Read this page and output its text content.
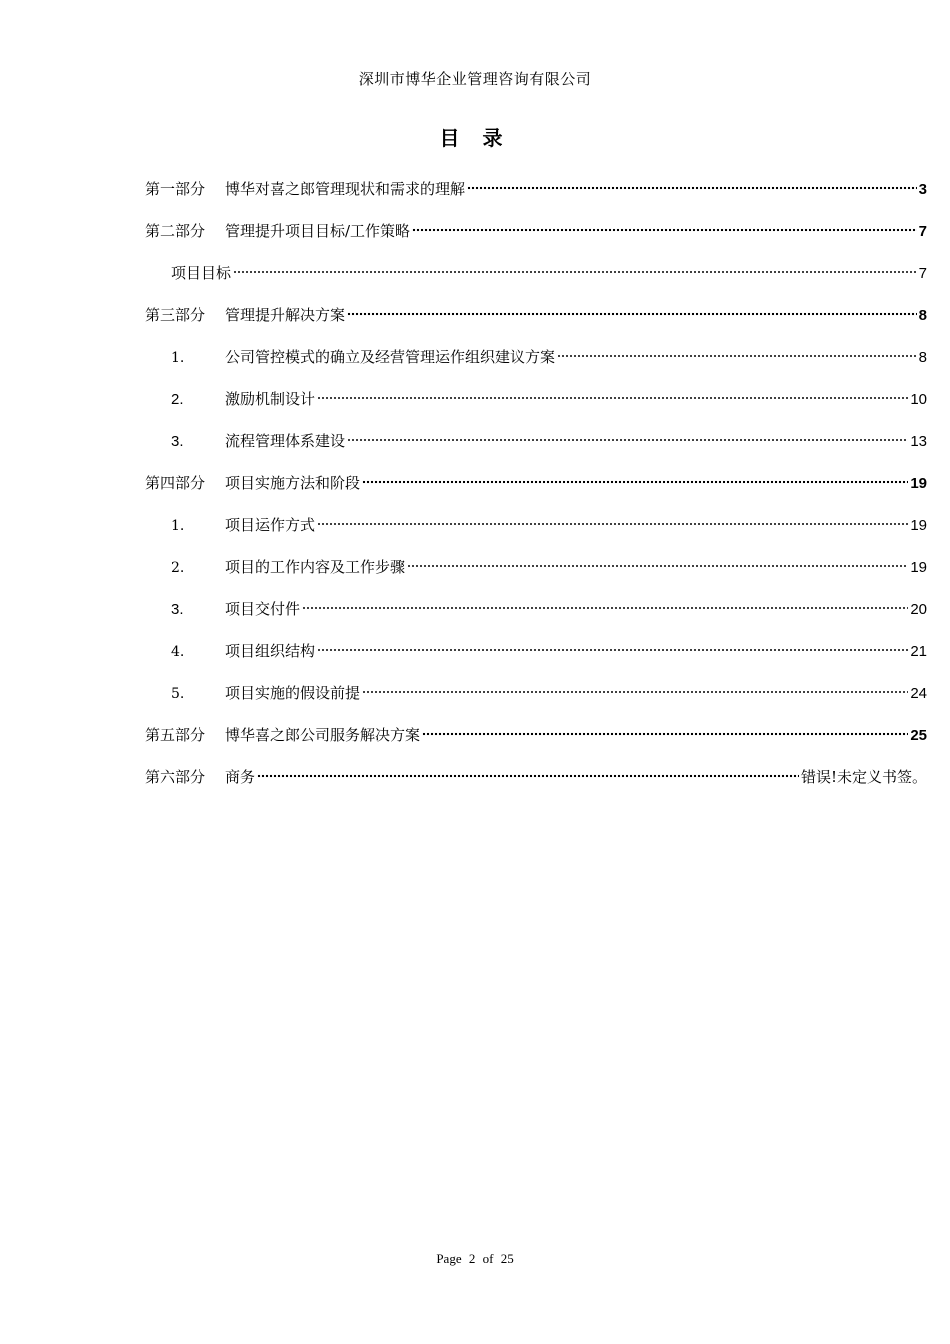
深圳市博华企业管理咨询有限公司
目 录
第一部分	博华对喜之郎管理现状和需求的理解	3
第二部分	管理提升项目目标/工作策略	7
项目目标	7
第三部分	管理提升解决方案	8
1.	公司管控模式的确立及经营管理运作组织建议方案	8
2.	激励机制设计	10
3.	流程管理体系建设	13
第四部分	项目实施方法和阶段	19
1.	项目运作方式	19
2.	项目的工作内容及工作步骤	19
3.	项目交付件	20
4.	项目组织结构	21
5.	项目实施的假设前提	24
第五部分	博华喜之郎公司服务解决方案	25
第六部分	商务	错误!未定义书签。
Page 2 of 25
